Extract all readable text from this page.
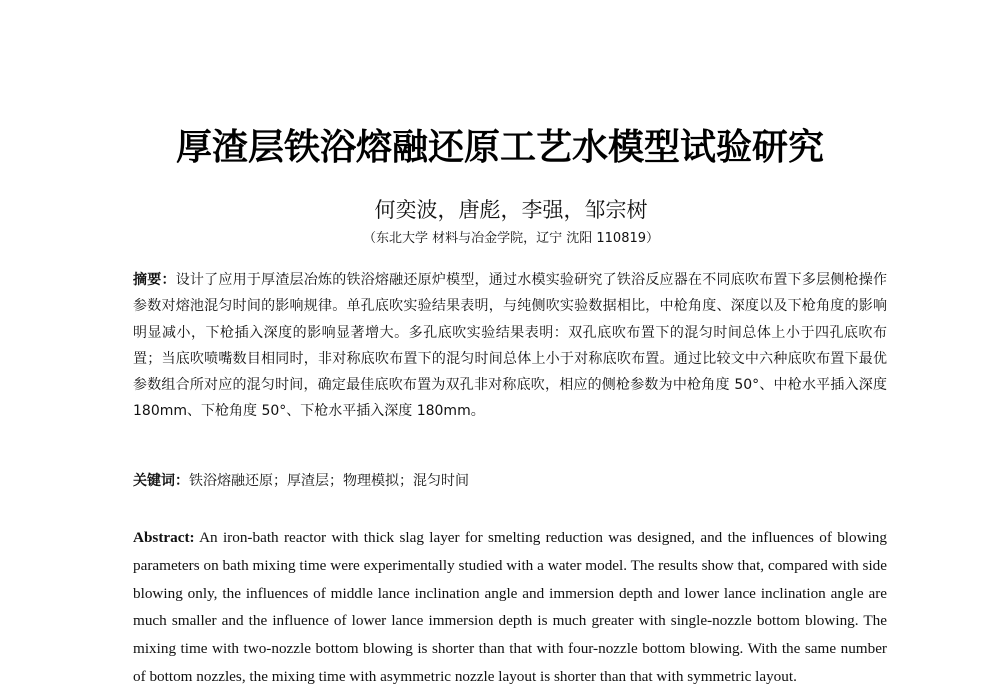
厚渣层铁浴熔融还原工艺水模型试验研究
何奕波，唐彪，李强，邹宗树
（东北大学 材料与冶金学院，辽宁 沈阳 110819）

摘要：设计了应用于厚渣层冶炼的铁浴熔融还原炉模型，通过水模实验研究了铁浴反应器在不同底吹布置下多层侧枪操作参数对熔池混匀时间的影响规律。单孔底吹实验结果表明，与纯侧吹实验数据相比，中枪角度、深度以及下枪角度的影响明显减小，下枪插入深度的影响显著增大。多孔底吹实验结果表明：双孔底吹布置下的混匀时间总体上小于四孔底吹布置；当底吹喷嘴数目相同时，非对称底吹布置下的混匀时间总体上小于对称底吹布置。通过比较文中六种底吹布置下最优参数组合所对应的混匀时间，确定最佳底吹布置为双孔非对称底吹，相应的侧枪参数为中枪角度 50°、中枪水平插入深度 180mm、下枪角度 50°、下枪水平插入深度 180mm。

关键词：铁浴熔融还原；厚渣层；物理模拟；混匀时间

Abstract: An iron-bath reactor with thick slag layer for smelting reduction was designed, and the influences of blowing parameters on bath mixing time were experimentally studied with a water model. The results show that, compared with side blowing only, the influences of middle lance inclination angle and immersion depth and lower lance inclination angle are much smaller and the influence of lower lance immersion depth is much greater with single-nozzle bottom blowing. The mixing time with two-nozzle bottom blowing is shorter than that with four-nozzle bottom blowing. With the same number of bottom nozzles, the mixing time with asymmetric nozzle layout is shorter than that with symmetric layout.
